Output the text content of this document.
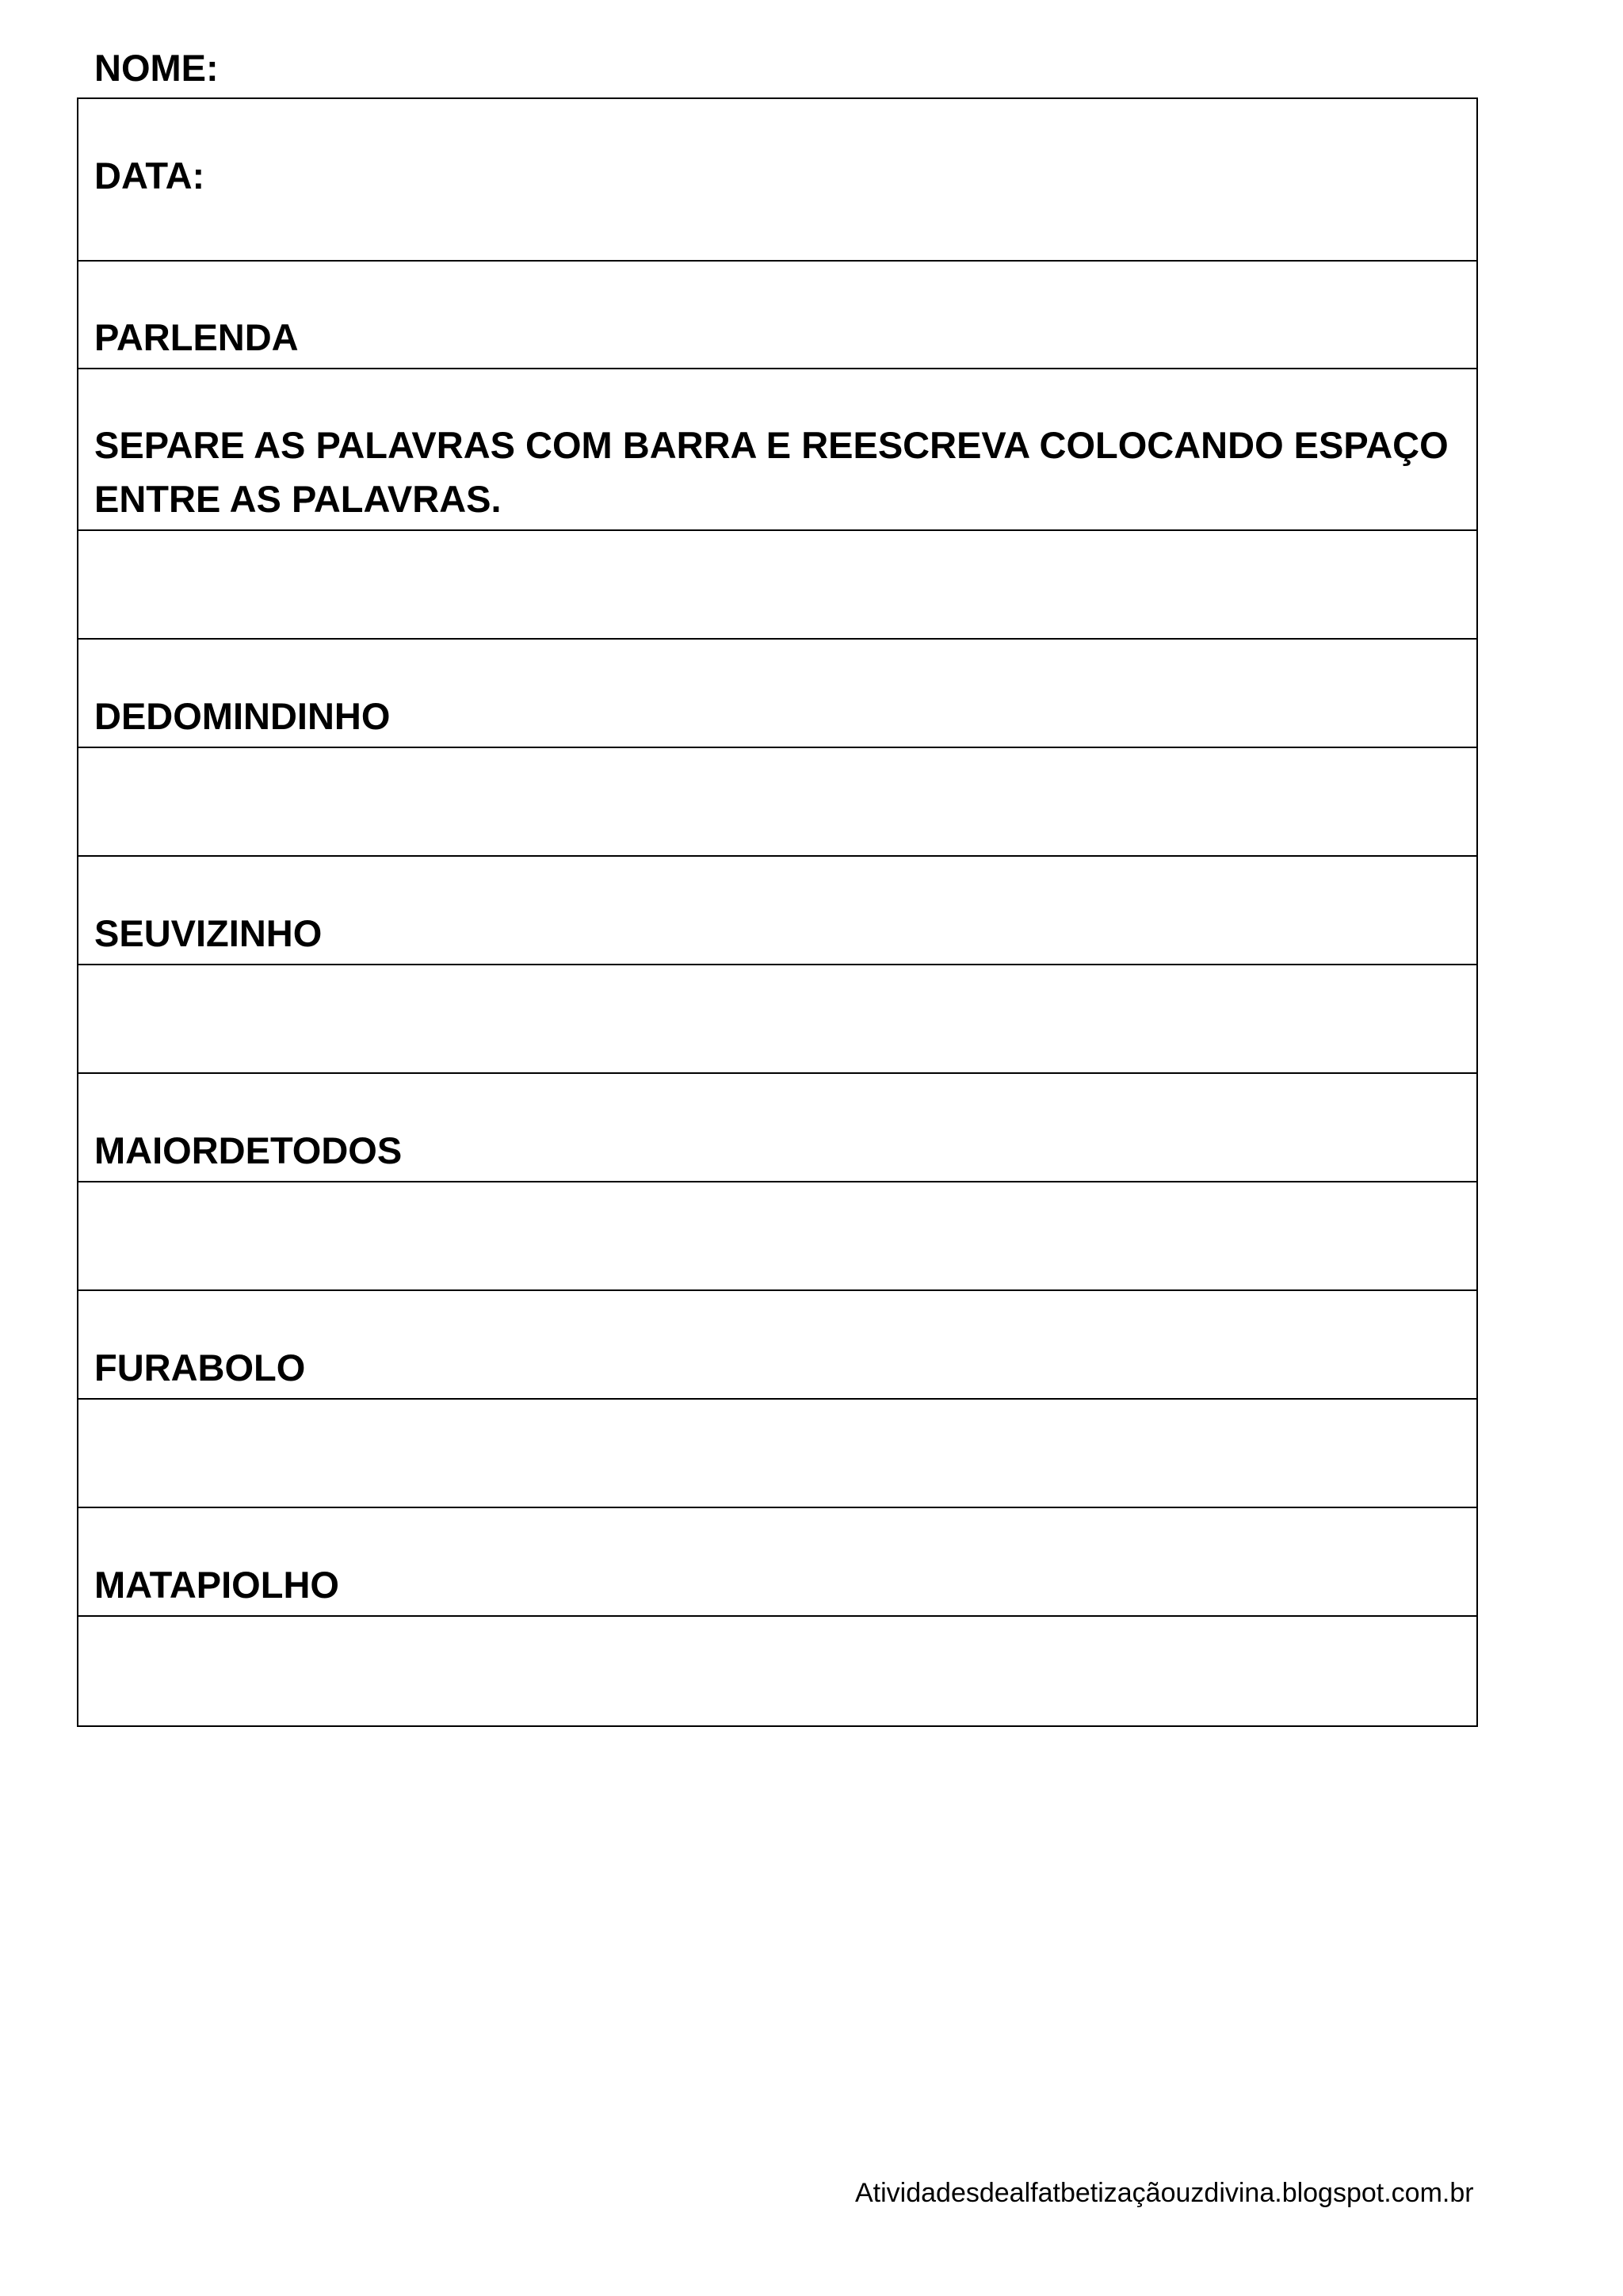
NOME:

DATA:

PARLENDA
SEPARE AS PALAVRAS COM BARRA E REESCREVA COLOCANDO ESPAÇO ENTRE AS PALAVRAS.
DEDOMINDINHO
SEUVIZINHO
MAIORDETODOS
FURABOLO
MATAPIOLHO
Atividadesdealfatbetizaçãouzdivina.blogspot.com.br
